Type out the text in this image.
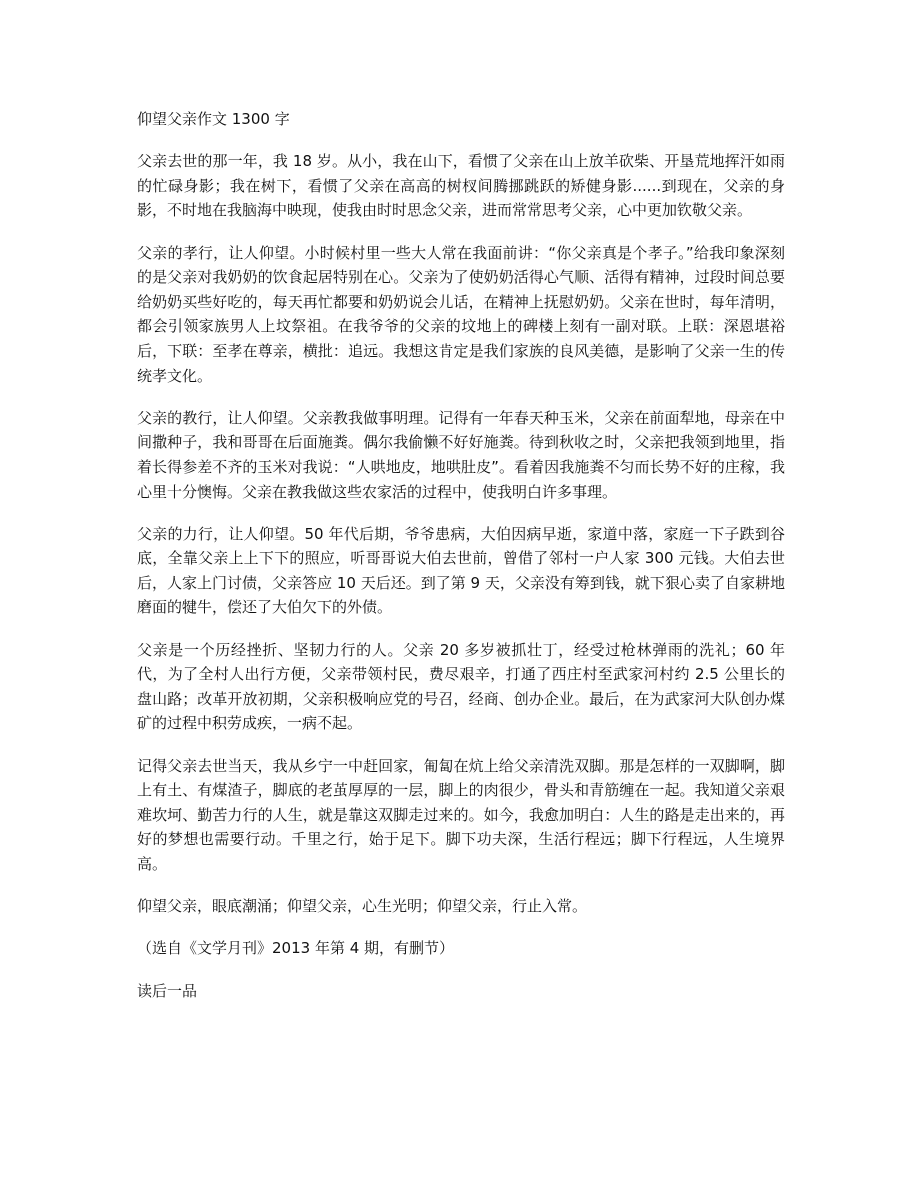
仰望父亲作文 1300 字

父亲去世的那一年，我 18 岁。从小，我在山下，看惯了父亲在山上放羊砍柴、开垦荒地挥汗如雨的忙碌身影；我在树下，看惯了父亲在高高的树杈间腾挪跳跃的矫健身影......到现在，父亲的身影，不时地在我脑海中映现，使我由时时思念父亲，进而常常思考父亲，心中更加钦敬父亲。

父亲的孝行，让人仰望。小时候村里一些大人常在我面前讲：“你父亲真是个孝子。”给我印象深刻的是父亲对我奶奶的饮食起居特别在心。父亲为了使奶奶活得心气顺、活得有精神，过段时间总要给奶奶买些好吃的，每天再忙都要和奶奶说会儿话，在精神上抚慰奶奶。父亲在世时，每年清明，都会引领家族男人上坟祭祖。在我爷爷的父亲的坟地上的碑楼上刻有一副对联。上联：深恩堪裕后，下联：至孝在尊亲，横批：追远。我想这肯定是我们家族的良风美德，是影响了父亲一生的传统孝文化。

父亲的教行，让人仰望。父亲教我做事明理。记得有一年春天种玉米，父亲在前面犁地，母亲在中间撒种子，我和哥哥在后面施粪。偶尔我偷懒不好好施粪。待到秋收之时，父亲把我领到地里，指着长得参差不齐的玉米对我说：“人哄地皮，地哄肚皮”。看着因我施粪不匀而长势不好的庄稼，我心里十分懊悔。父亲在教我做这些农家活的过程中，使我明白许多事理。

父亲的力行，让人仰望。50 年代后期，爷爷患病，大伯因病早逝，家道中落，家庭一下子跌到谷底，全靠父亲上上下下的照应，听哥哥说大伯去世前，曾借了邻村一户人家 300 元钱。大伯去世后，人家上门讨债，父亲答应 10 天后还。到了第 9 天，父亲没有筹到钱，就下狠心卖了自家耕地磨面的犍牛，偿还了大伯欠下的外债。

父亲是一个历经挫折、坚韧力行的人。父亲 20 多岁被抓壮丁，经受过枪林弹雨的洗礼；60 年代，为了全村人出行方便，父亲带领村民，费尽艰辛，打通了西庄村至武家河村约 2.5 公里长的盘山路；改革开放初期，父亲积极响应党的号召，经商、创办企业。最后，在为武家河大队创办煤矿的过程中积劳成疾，一病不起。

记得父亲去世当天，我从乡宁一中赶回家，匍匐在炕上给父亲清洗双脚。那是怎样的一双脚啊，脚上有土、有煤渣子，脚底的老茧厚厚的一层，脚上的肉很少，骨头和青筋缠在一起。我知道父亲艰难坎坷、勤苦力行的人生，就是靠这双脚走过来的。如今，我愈加明白：人生的路是走出来的，再好的梦想也需要行动。千里之行，始于足下。脚下功夫深，生活行程远；脚下行程远，人生境界高。

仰望父亲，眼底潮涌；仰望父亲，心生光明；仰望父亲，行止入常。

（选自《文学月刊》2013 年第 4 期，有删节）

读后一品
